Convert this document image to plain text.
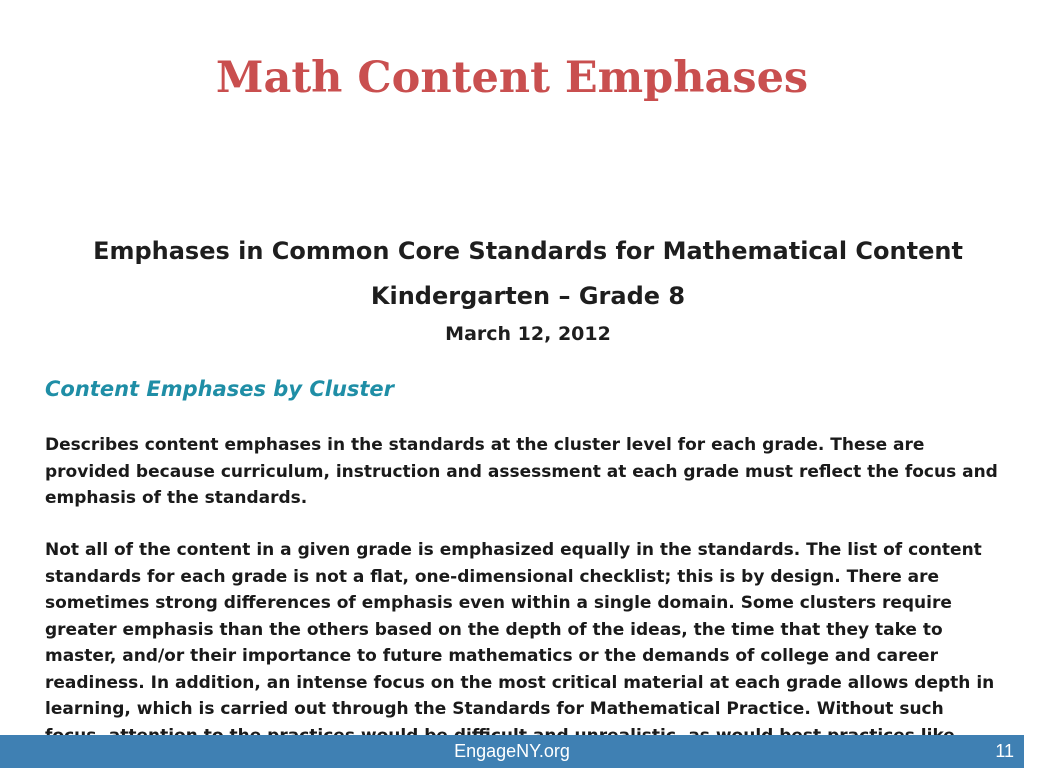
Math Content Emphases
Emphases in Common Core Standards for Mathematical Content
Kindergarten – Grade 8
March 12, 2012
Content Emphases by Cluster

Describes content emphases in the standards at the cluster level for each grade. These are provided because curriculum, instruction and assessment at each grade must reflect the focus and emphasis of the standards.

Not all of the content in a given grade is emphasized equally in the standards. The list of content standards for each grade is not a flat, one-dimensional checklist; this is by design. There are sometimes strong differences of emphasis even within a single domain. Some clusters require greater emphasis than the others based on the depth of the ideas, the time that they take to master, and/or their importance to future mathematics or the demands of college and career readiness. In addition, an intense focus on the most critical material at each grade allows depth in learning, which is carried out through the Standards for Mathematical Practice. Without such

EngageNY.org	11
